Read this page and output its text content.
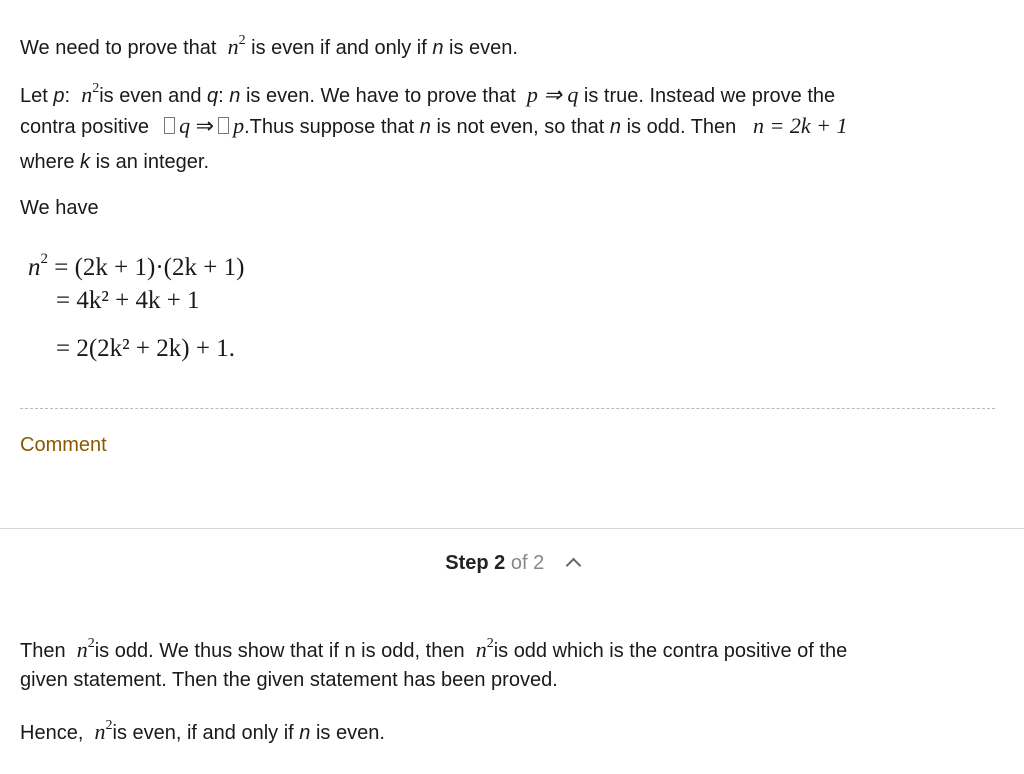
We need to prove that $n^2$ is even if and only if n is even.
Let p: $n^2is$ even and q: n is even. We have to prove that p ⇒ q is true. Instead we prove the
contra positive q ⇒ p.Thus suppose that n is not even, so that n is odd. Then n = 2k + 1
where k is an integer.
We have
$n^2 = (2k + 1)\cdot(2k + 1)$
= 4k² + 4k + 1
= 2(2k² + 2k) + 1.
Comment
Step 2 of 2
Then $n^2is$ odd. We thus show that if n is odd, then $n^2is$ odd which is the contra positive of the
given statement. Then the given statement has been proved.
Hence, $n^2is$ even, if and only if n is even.
